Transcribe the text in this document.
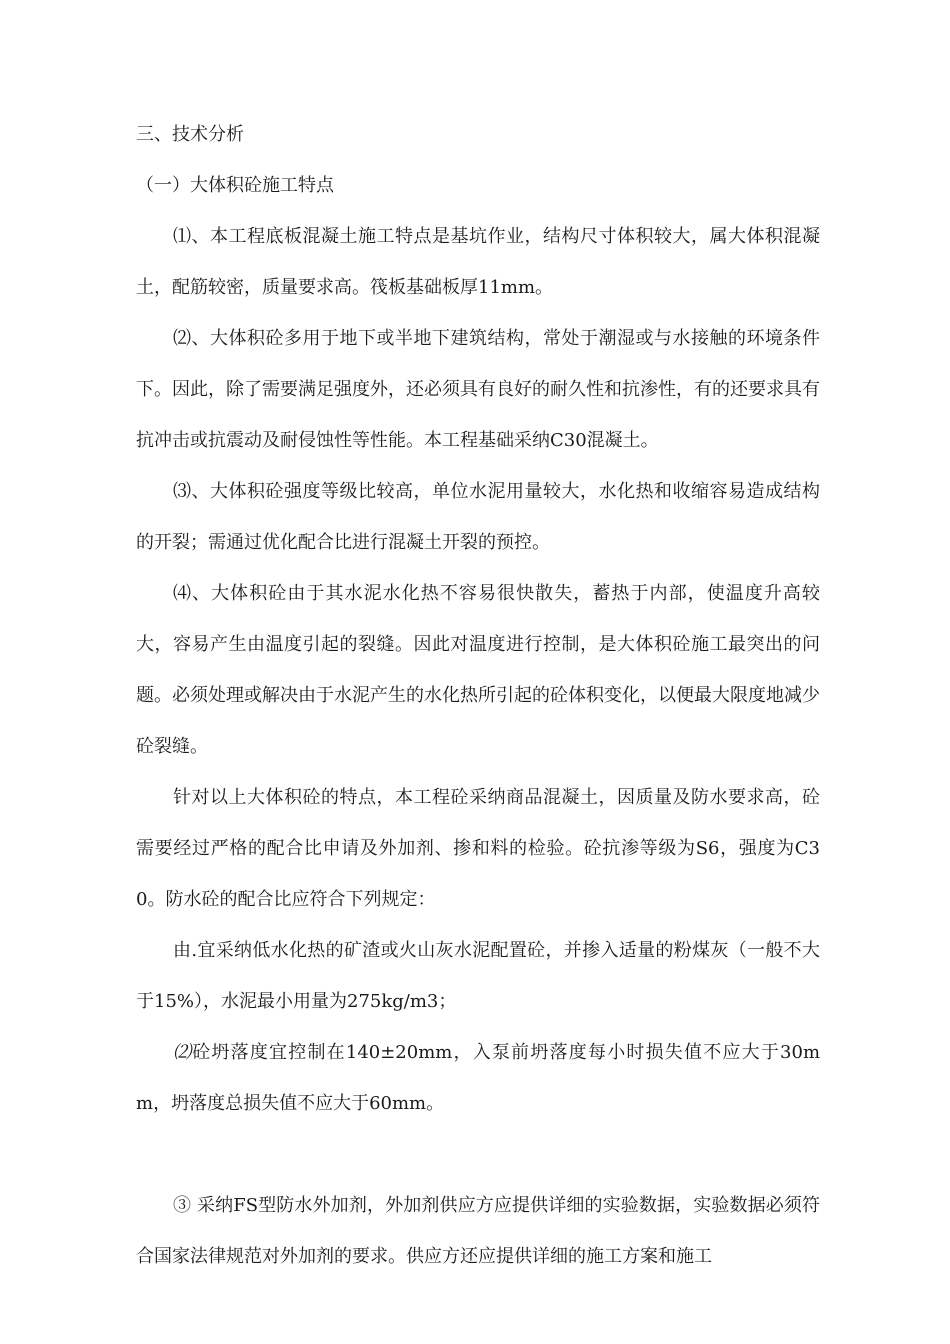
三、技术分析
（一）大体积砼施工特点
⑴、本工程底板混凝土施工特点是基坑作业，结构尺寸体积较大，属大体积混凝土，配筋较密，质量要求高。筏板基础板厚11mm。
⑵、大体积砼多用于地下或半地下建筑结构，常处于潮湿或与水接触的环境条件下。因此，除了需要满足强度外，还必须具有良好的耐久性和抗渗性，有的还要求具有抗冲击或抗震动及耐侵蚀性等性能。本工程基础采纳C30混凝土。
⑶、大体积砼强度等级比较高，单位水泥用量较大，水化热和收缩容易造成结构的开裂；需通过优化配合比进行混凝土开裂的预控。
⑷、大体积砼由于其水泥水化热不容易很快散失，蓄热于内部，使温度升高较大，容易产生由温度引起的裂缝。因此对温度进行控制，是大体积砼施工最突出的问题。必须处理或解决由于水泥产生的水化热所引起的砼体积变化，以便最大限度地减少砼裂缝。
针对以上大体积砼的特点，本工程砼采纳商品混凝土，因质量及防水要求高，砼需要经过严格的配合比申请及外加剂、掺和料的检验。砼抗渗等级为S6，强度为C30。防水砼的配合比应符合下列规定：
由.宜采纳低水化热的矿渣或火山灰水泥配置砼，并掺入适量的粉煤灰（一般不大于15%），水泥最小用量为275kg/m3；
⑵砼坍落度宜控制在140±20mm，入泵前坍落度每小时损失值不应大于30mm，坍落度总损失值不应大于60mm。
③ 采纳FS型防水外加剂，外加剂供应方应提供详细的实验数据，实验数据必须符合国家法律规范对外加剂的要求。供应方还应提供详细的施工方案和施工
